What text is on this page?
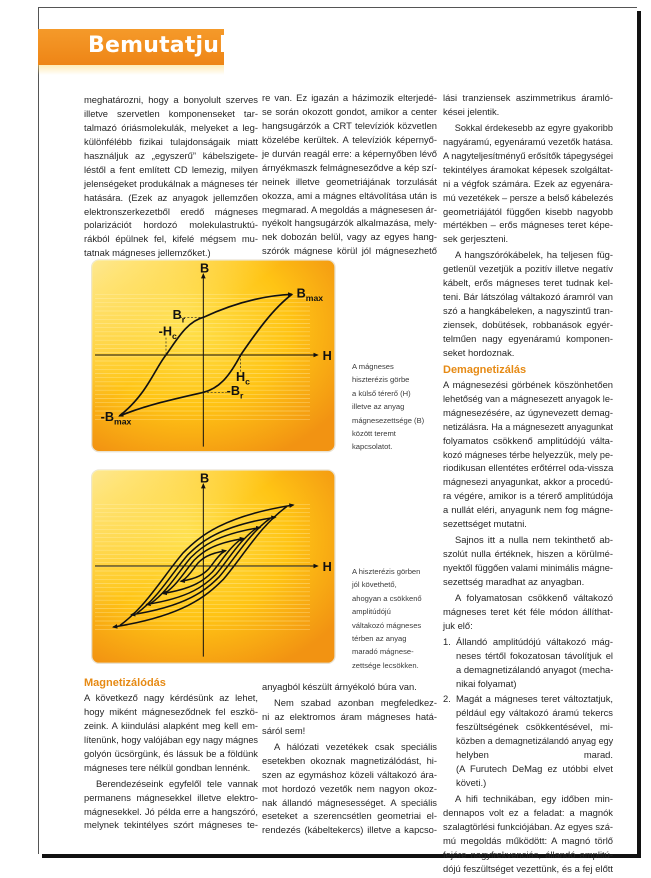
Bemutatjuk
meghatározni, hogy a bonyolult szerves
illetve szervetlen komponenseket tar-
talmazó óriásmolekulák, melyeket a leg-
különfélébb fizikai tulajdonságaik miatt
használjuk az „egyszerű” kábelszigete-
léstől a fent említett CD lemezig, milyen
jelenségeket produkálnak a mágneses tér
hatására. (Ezek az anyagok jellemzően
elektronszerkezetből eredő mágneses
polarizációt hordozó molekulastruktú-
rákból épülnek fel, kifelé mégsem mu-
tatnak mágneses jellemzőket.)
re van. Ez igazán a házimozik elterjedé-
se során okozott gondot, amikor a center
hangsugárzók a CRT televíziók közvetlen
közelébe kerültek. A televíziók képernyő-
je durván reagál erre: a képernyőben lévő
árnyékmaszk felmágneseződve a kép szí-
neinek illetve geometriájának torzulását
okozza, ami a mágnes eltávolítása után is
megmarad. A megoldás a mágnesesen ár-
nyékolt hangsugárzók alkalmazása, mely-
nek dobozán belül, vagy az egyes hang-
szórók mágnese körül jól mágnesezhető
lási tranziensek aszimmetrikus áramló-
kései jelentik.
Sokkal érdekesebb az egyre gyakoribb
nagyáramú, egyenáramú vezetők hatása.
A nagyteljesítményű erősítők tápegységei
tekintélyes áramokat képesek szolgáltat-
ni a végfok számára. Ezek az egyenára-
mú vezetékek – persze a belső kábelezés
geometriájától függően kisebb nagyobb
mértékben – erős mágneses teret képe-
sek gerjeszteni.
A hangszórókábelek, ha teljesen füg-
getlenül vezetjük a pozitív illetve negatív
kábelt, erős mágneses teret tudnak kel-
teni. Bár látszólag váltakozó áramról van
szó a hangkábeleken, a nagyszintű tran-
ziensek, dobütések, robbanások egyér-
telműen nagy egyenáramú komponen-
seket hordoznak.
Demagnetizálás
A mágnesezési görbének köszönhetően
lehetőség van a mágnesezett anyagok le-
mágnesezésére, az úgynevezett demag-
netizálásra. Ha a mágnesezett anyagunkat
folyamatos csökkenő amplitúdójú válta-
kozó mágneses térbe helyezzük, mely pe-
riodikusan ellentétes erőtérrel oda-vissza
mágnesezi anyagunkat, akkor a procedú-
ra végére, amikor is a térerő amplitúdója
a nullát eléri, anyagunk nem fog mágne-
sezettséget mutatni.
Sajnos itt a nulla nem tekinthető ab-
szolút nulla értéknek, hiszen a körülmé-
nyektől függően valami minimális mágne-
sezettség maradhat az anyagban.
A folyamatosan csökkenő váltakozó
mágneses teret két féle módon állíthat-
juk elő:
1. Állandó amplitúdójú váltakozó mág-
neses tértől fokozatosan távolítjuk el
a demagnetizálandó anyagot (mecha-
nikai folyamat)
2. Magát a mágneses teret változtatjuk,
például egy váltakozó áramú tekercs
feszültségének csökkentésével, mi-
közben a demagnetizálandó anyag egy
helyben marad.
(A Furutech DeMag ez utóbbi elvet
követi.)
A hifi technikában, egy időben min-
dennapos volt ez a feladat: a magnók
szalagtörlési funkciójában. Az egyes szá-
mú megoldás működött: A magnó törlő
fejére nagyfrekvenciás, állandó amplitú-
dójú feszültséget vezettünk, és a fej előtt
Magnetizálódás
A következő nagy kérdésünk az lehet,
hogy miként mágneseződnek fel eszkö-
zeink. A kiindulási alapként meg kell em-
lítenünk, hogy valójában egy nagy mágnes
golyón ücsörgünk, és lássuk be a földünk
mágneses tere nélkül gondban lennénk.
Berendezéseink egyfelől tele vannak
permanens mágnesekkel illetve elektro-
mágnesekkel. Jó példa erre a hangszóró,
melynek tekintélyes szórt mágneses te-
anyagból készült árnyékoló búra van.
Nem szabad azonban megfeledkez-
ni az elektromos áram mágneses hatá-
sáról sem!
A hálózati vezetékek csak speciális
esetekben okoznak magnetizálódást, hi-
szen az egymáshoz közeli váltakozó ára-
mot hordozó vezetők nem nagyon okoz-
nak állandó mágnesességet. A speciális
eseteket a szerencsétlen geometriai el-
rendezés (kábeltekercs) illetve a kapcso-
B
H
$B_{max}$
$-B_{max}$
$B_r$
$-B_r$
$H_c$
$-H_c$
A mágneses
hiszterézis görbe
a külső térerő (H)
illetve az anyag
mágnesezettsége (B)
között teremt
kapcsolatot.
B
H	A hiszterézis görben
jól követhető,
ahogyan a csökkenő
amplitúdójú
váltakozó mágneses
térben az anyag
maradó mágnese-
zettsége lecsökken.
